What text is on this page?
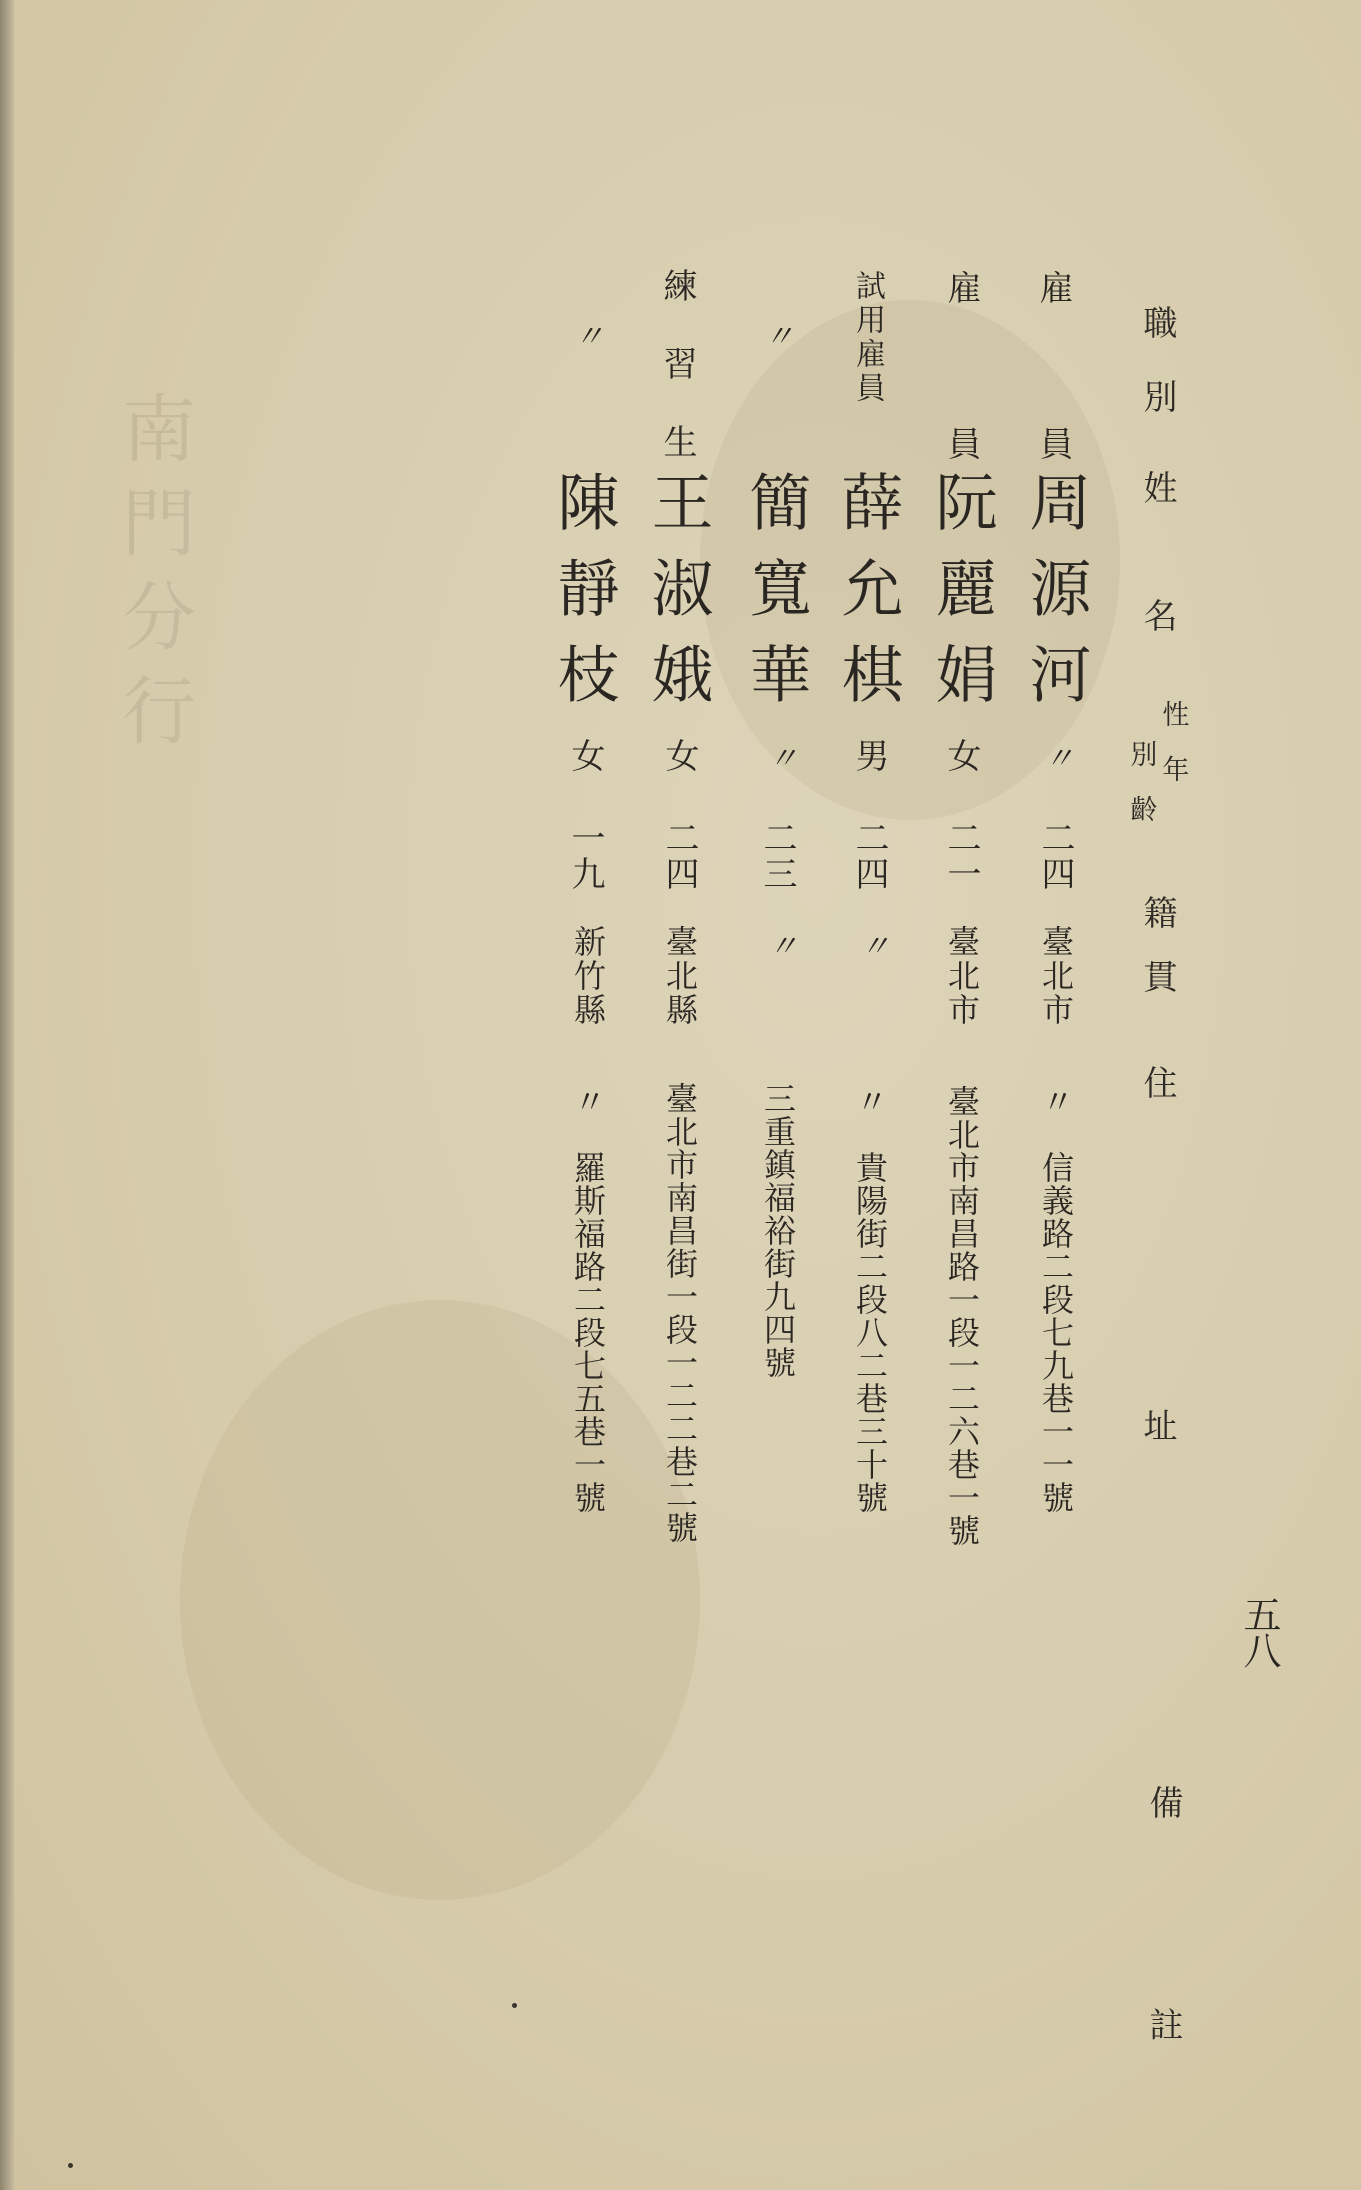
南門分行
五八
職別
姓　名
性年
別齡
籍貫
住　　　　　　址
備　　註
雇　員
周源河
〃
二四
臺北市
〃　信義路二段七九巷一一號
雇　員
阮麗娟
女
二一
臺北市
臺北市南昌路一段一二六巷一號
試用雇員
薛允棋
男
二四
〃
〃　貴陽街二段八二巷三十號
〃
簡寬華
〃
二三
〃
三重鎮福裕街九四號
練習生
王淑娥
女
二四
臺北縣
臺北市南昌街一段一二二巷二號
〃
陳靜枝
女
一九
新竹縣
〃　羅斯福路二段七五巷一號
